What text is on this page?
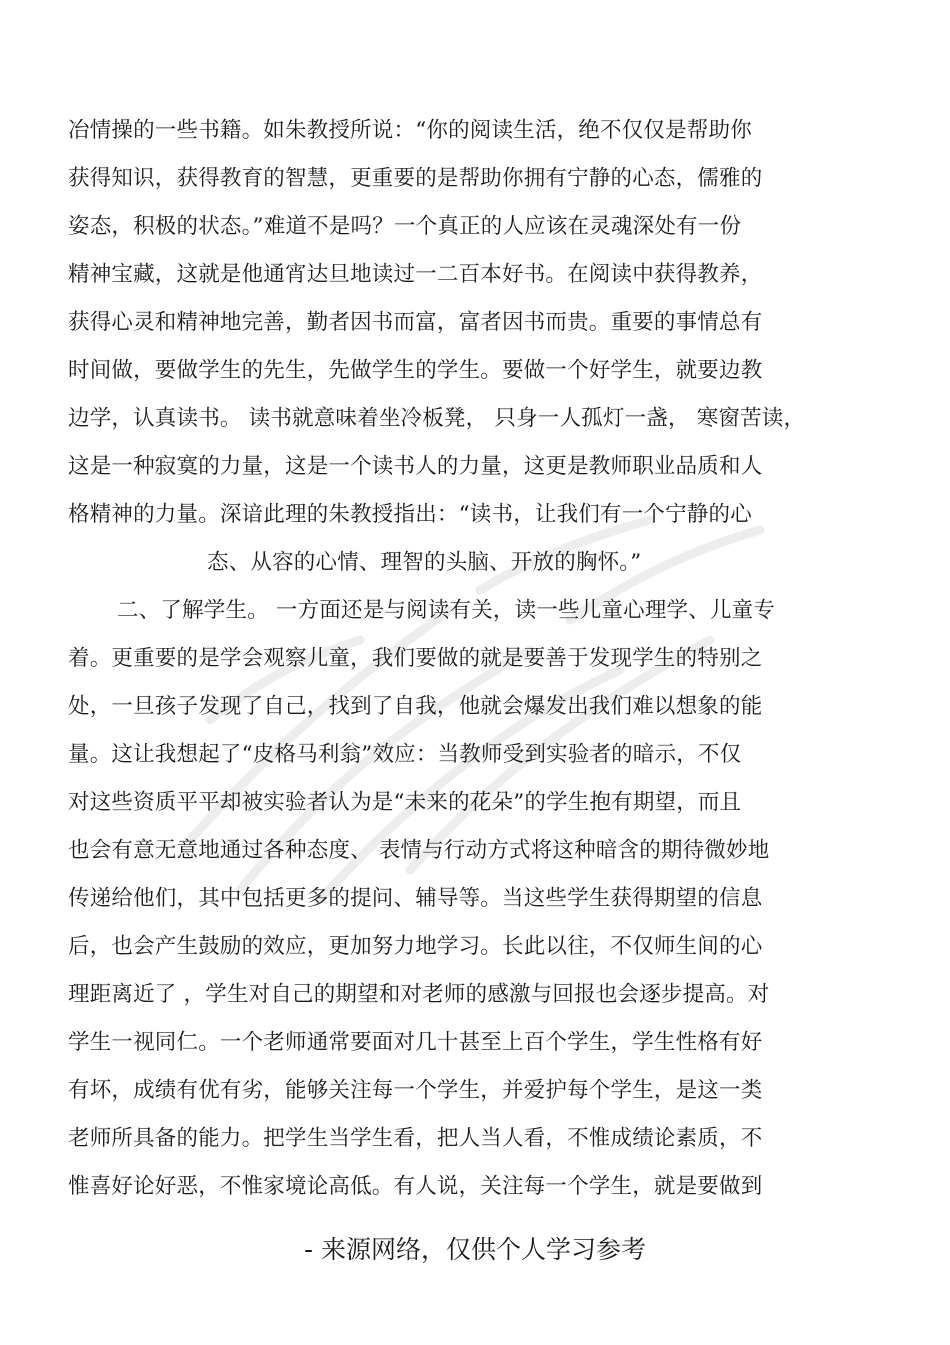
冶情操的一些书籍。如朱教授所说：“你的阅读生活，绝不仅仅是帮助你
获得知识，获得教育的智慧，更重要的是帮助你拥有宁静的心态，儒雅的
姿态，积极的状态。”难道不是吗？一个真正的人应该在灵魂深处有一份
精神宝藏，这就是他通宵达旦地读过一二百本好书。在阅读中获得教养，
获得心灵和精神地完善，勤者因书而富，富者因书而贵。重要的事情总有
时间做，要做学生的先生，先做学生的学生。要做一个好学生，就要边教
边学，认真读书。 读书就意味着坐冷板凳， 只身一人孤灯一盏， 寒窗苦读，
这是一种寂寞的力量，这是一个读书人的力量，这更是教师职业品质和人
格精神的力量。深谙此理的朱教授指出：“读书，让我们有一个宁静的心
态、从容的心情、理智的头脑、开放的胸怀。”
二、了解学生。 一方面还是与阅读有关，读一些儿童心理学、儿童专
着。更重要的是学会观察儿童，我们要做的就是要善于发现学生的特别之
处，一旦孩子发现了自己，找到了自我，他就会爆发出我们难以想象的能
量。这让我想起了“皮格马利翁”效应：当教师受到实验者的暗示，不仅
对这些资质平平却被实验者认为是“未来的花朵”的学生抱有期望，而且
也会有意无意地通过各种态度、 表情与行动方式将这种暗含的期待微妙地
传递给他们，其中包括更多的提问、辅导等。当这些学生获得期望的信息
后，也会产生鼓励的效应，更加努力地学习。长此以往，不仅师生间的心
理距离近了 ，学生对自己的期望和对老师的感激与回报也会逐步提高。对
学生一视同仁。一个老师通常要面对几十甚至上百个学生，学生性格有好
有坏，成绩有优有劣，能够关注每一个学生，并爱护每个学生，是这一类
老师所具备的能力。把学生当学生看，把人当人看，不惟成绩论素质，不
惟喜好论好恶，不惟家境论高低。有人说，关注每一个学生，就是要做到
- 来源网络，仅供个人学习参考
